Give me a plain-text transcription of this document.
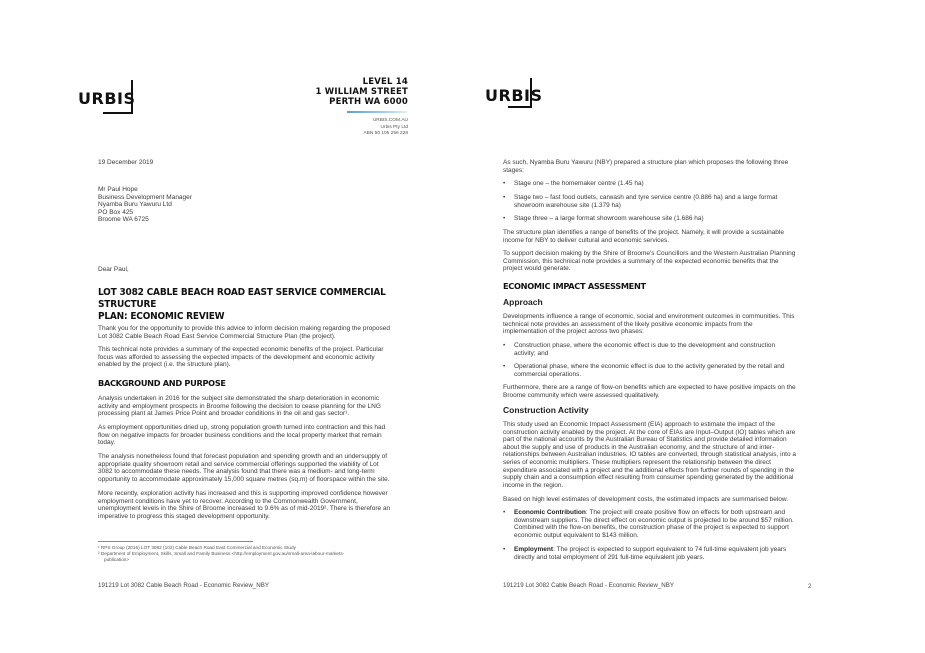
URBIS
LEVEL 14
1 WILLIAM STREET
PERTH WA 6000
URBIS.COM.AU
Urbis Pty Ltd
ABN 50 105 256 228
19 December 2019
Mr Paul Hope
Business Development Manager
Nyamba Buru Yawuru Ltd
PO Box 425
Broome WA 6725
Dear Paul,
LOT 3082 CABLE BEACH ROAD EAST SERVICE COMMERCIAL STRUCTURE
PLAN: ECONOMIC REVIEW
Thank you for the opportunity to provide this advice to inform decision making regarding the proposed
Lot 3082 Cable Beach Road East Service Commercial Structure Plan (the project).
This technical note provides a summary of the expected economic benefits of the project. Particular
focus was afforded to assessing the expected impacts of the development and economic activity
enabled by the project (i.e. the structure plan).
BACKGROUND AND PURPOSE
Analysis undertaken in 2016 for the subject site demonstrated the sharp deterioration in economic
activity and employment prospects in Broome following the decision to cease planning for the LNG
processing plant at James Price Point and broader conditions in the oil and gas sector¹.
As employment opportunities dried up, strong population growth turned into contraction and this had
flow on negative impacts for broader business conditions and the local property market that remain
today.
The analysis nonetheless found that forecast population and spending growth and an undersupply of
appropriate quality showroom retail and service commercial offerings supported the viability of Lot
3082 to accommodate these needs. The analysis found that there was a medium- and long-term
opportunity to accommodate approximately 15,000 square metres (sq.m) of floorspace within the site.
More recently, exploration activity has increased and this is supporting improved confidence however
employment conditions have yet to recover. According to the Commonwealth Government,
unemployment levels in the Shire of Broome increased to 9.6% as of mid-2019². There is therefore an
imperative to progress this staged development opportunity.
¹ RPS Group (2016) LOT 3082 (102) Cable Beach Road East Commercial and Economic Study
² Department of Employment, Skills, Small and Family Business <http://employment.gov.au/small-area-labour-markets-
publication>
191219 Lot 3082 Cable Beach Road - Economic Review_NBY
URBIS
As such, Nyamba Buru Yawuru (NBY) prepared a structure plan which proposes the following three
stages:
• Stage one – the homemaker centre (1.45 ha)
• Stage two – fast food outlets, carwash and tyre service centre (0.886 ha) and a large format
showroom warehouse site (1.379 ha)
• Stage three – a large format showroom warehouse site (1.686 ha)
The structure plan identifies a range of benefits of the project. Namely, it will provide a sustainable
income for NBY to deliver cultural and economic services.
To support decision making by the Shire of Broome's Councillors and the Western Australian Planning
Commission, this technical note provides a summary of the expected economic benefits that the
project would generate.
ECONOMIC IMPACT ASSESSMENT
Approach
Developments influence a range of economic, social and environment outcomes in communities. This
technical note provides an assessment of the likely positive economic impacts from the
implementation of the project across two phases:
• Construction phase, where the economic effect is due to the development and construction
activity; and
• Operational phase, where the economic effect is due to the activity generated by the retail and
commercial operations.
Furthermore, there are a range of flow-on benefits which are expected to have positive impacts on the
Broome community which were assessed qualitatively.
Construction Activity
This study used an Economic Impact Assessment (EIA) approach to estimate the impact of the
construction activity enabled by the project. At the core of EIAs are Input–Output (IO) tables which are
part of the national accounts by the Australian Bureau of Statistics and provide detailed information
about the supply and use of products in the Australian economy, and the structure of and inter-
relationships between Australian industries. IO tables are converted, through statistical analysis, into a
series of economic multipliers. These multipliers represent the relationship between the direct
expenditure associated with a project and the additional effects from further rounds of spending in the
supply chain and a consumption effect resulting from consumer spending generated by the additional
income in the region.
Based on high level estimates of development costs, the estimated impacts are summarised below.
• Economic Contribution: The project will create positive flow on effects for both upstream and
downstream suppliers. The direct effect on economic output is projected to be around $57 million.
Combined with the flow-on benefits, the construction phase of the project is expected to support
economic output equivalent to $143 million.
• Employment: The project is expected to support equivalent to 74 full-time equivalent job years
directly and total employment of 291 full-time equivalent job years.
191219 Lot 3082 Cable Beach Road - Economic Review_NBY	2
